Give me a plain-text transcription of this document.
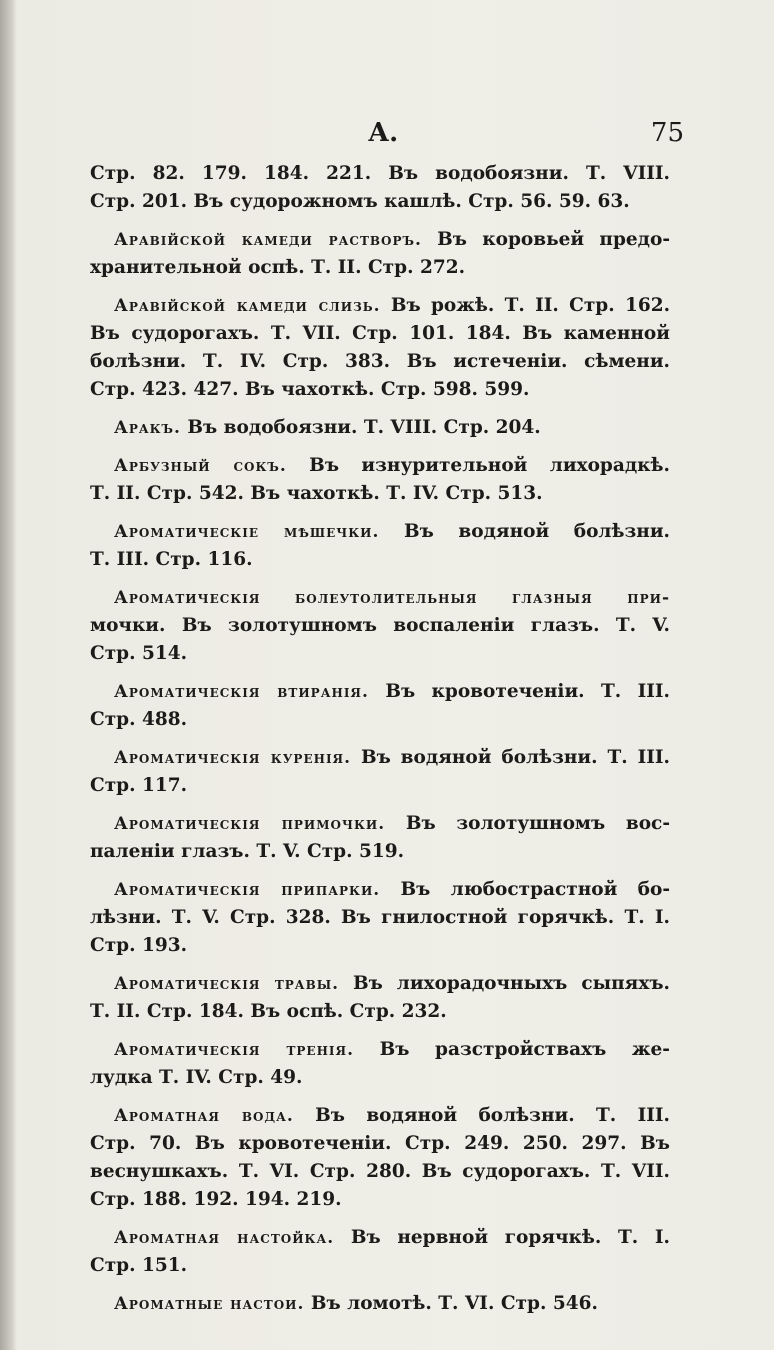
А.	75
Стр. 82. 179. 184. 221. Въ водобоязни. Т. VIII.
Стр. 201. Въ судорожномъ кашлѣ. Стр. 56. 59. 63.
Аравійской камеди растворъ. Въ коровьей предо-
хранительной оспѣ. Т. II. Стр. 272.
Аравійской камеди слизь. Въ рожѣ. Т. II. Стр. 162.
Въ судорогахъ. Т. VII. Стр. 101. 184. Въ каменной
болѣзни. Т. IV. Стр. 383. Въ истеченіи. сѣмени.
Стр. 423. 427. Въ чахоткѣ. Стр. 598. 599.
Аракъ. Въ водобоязни. Т. VIII. Стр. 204.
Арбузный сокъ. Въ изнурительной лихорадкѣ.
Т. II. Стр. 542. Въ чахоткѣ. Т. IV. Стр. 513.
Ароматическіе мѣшечки. Въ водяной болѣзни.
Т. III. Стр. 116.
Ароматическія болеутолительныя глазныя при-
мочки. Въ золотушномъ воспаленіи глазъ. Т. V.
Стр. 514.
Ароматическія втиранія. Въ кровотеченіи. Т. III.
Стр. 488.
Ароматическія куренія. Въ водяной болѣзни. Т. III.
Стр. 117.
Ароматическія примочки. Въ золотушномъ вос-
паленіи глазъ. Т. V. Стр. 519.
Ароматическія припарки. Въ любострастной бо-
лѣзни. Т. V. Стр. 328. Въ гнилостной горячкѣ. Т. I.
Стр. 193.
Ароматическія травы. Въ лихорадочныхъ сыпяхъ.
Т. II. Стр. 184. Въ оспѣ. Стр. 232.
Ароматическія тренія. Въ разстройствахъ же-
лудка Т. IV. Стр. 49.
Ароматная вода. Въ водяной болѣзни. Т. III.
Стр. 70. Въ кровотеченіи. Стр. 249. 250. 297. Въ
веснушкахъ. Т. VI. Стр. 280. Въ судорогахъ. Т. VII.
Стр. 188. 192. 194. 219.
Ароматная настойка. Въ нервной горячкѣ. Т. I.
Стр. 151.
Ароматные настои. Въ ломотѣ. Т. VI. Стр. 546.
